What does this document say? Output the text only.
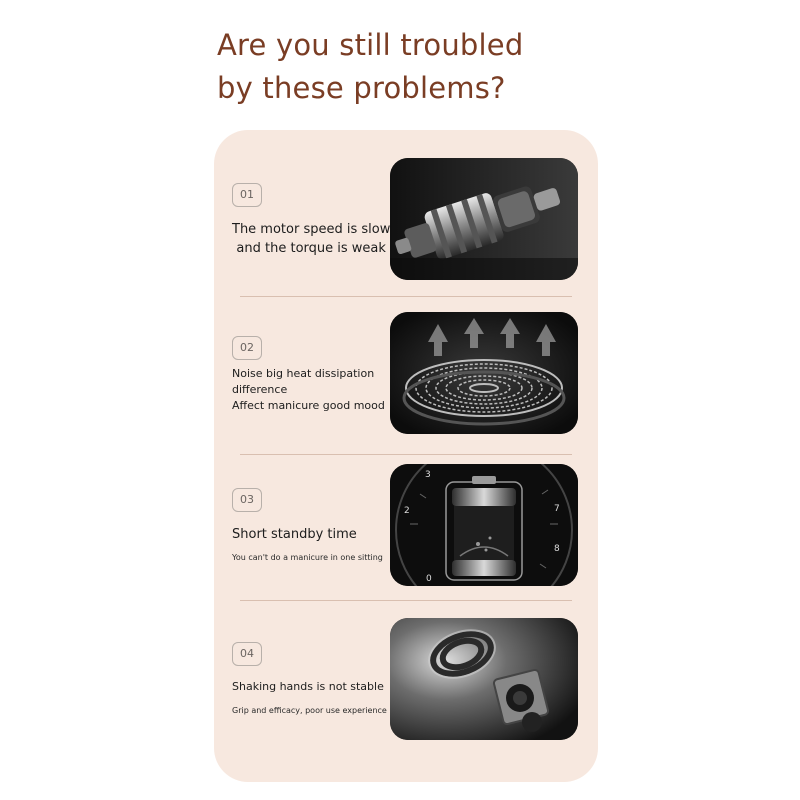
Are you still troubled
by these problems?
01
The motor speed is slow
and the torque is weak
02
Noise big heat dissipation
difference
Affect manicure good mood
03
Short standby time
You can't do a manicure in one sitting
3
2	7
8
0
04
Shaking hands is not stable
Grip and efficacy, poor use experience
